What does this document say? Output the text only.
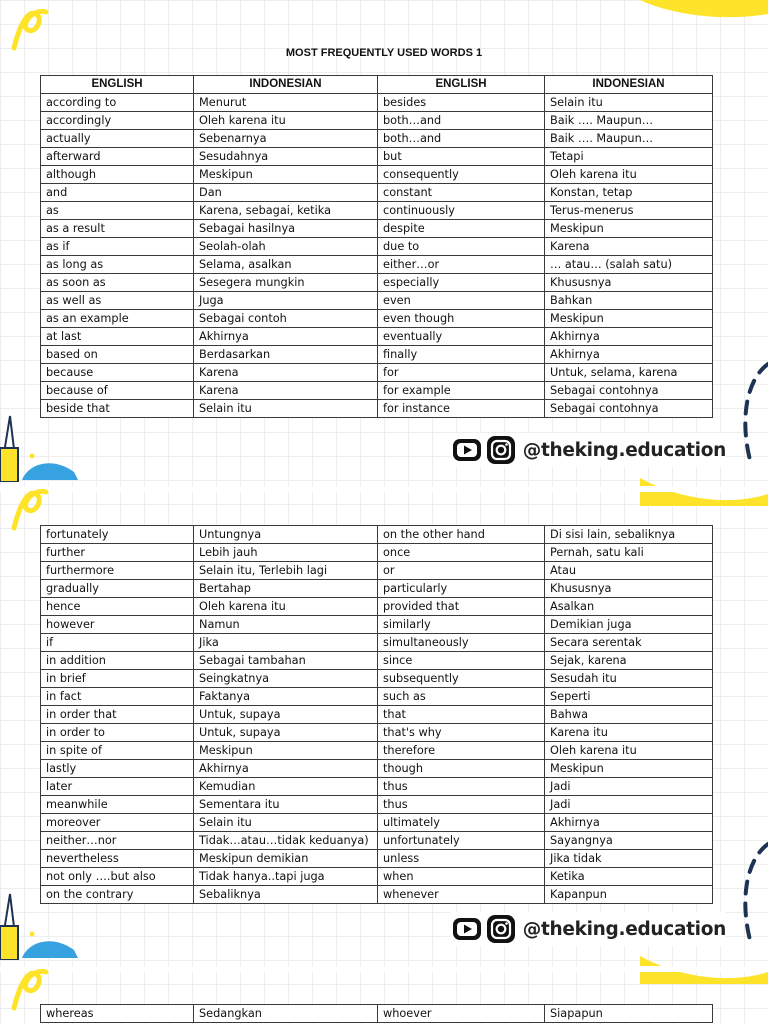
MOST FREQUENTLY USED WORDS 1
ENGLISH	INDONESIAN	ENGLISH	INDONESIAN
according to	Menurut	besides	Selain itu
accordingly	Oleh karena itu	both…and	Baik …. Maupun…
actually	Sebenarnya	both…and	Baik …. Maupun…
afterward	Sesudahnya	but	Tetapi
although	Meskipun	consequently	Oleh karena itu
and	Dan	constant	Konstan, tetap
as	Karena, sebagai, ketika	continuously	Terus-menerus
as a result	Sebagai hasilnya	despite	Meskipun
as if	Seolah-olah	due to	Karena
as long as	Selama, asalkan	either…or	… atau… (salah satu)
as soon as	Sesegera mungkin	especially	Khususnya
as well as	Juga	even	Bahkan
as an example	Sebagai contoh	even though	Meskipun
at last	Akhirnya	eventually	Akhirnya
based on	Berdasarkan	finally	Akhirnya
because	Karena	for	Untuk, selama, karena
because of	Karena	for example	Sebagai contohnya
beside that	Selain itu	for instance	Sebagai contohnya
@theking.education
fortunately	Untungnya	on the other hand	Di sisi lain, sebaliknya
further	Lebih jauh	once	Pernah, satu kali
furthermore	Selain itu, Terlebih lagi	or	Atau
gradually	Bertahap	particularly	Khususnya
hence	Oleh karena itu	provided that	Asalkan
however	Namun	similarly	Demikian juga
if	Jika	simultaneously	Secara serentak
in addition	Sebagai tambahan	since	Sejak, karena
in brief	Seingkatnya	subsequently	Sesudah itu
in fact	Faktanya	such as	Seperti
in order that	Untuk, supaya	that	Bahwa
in order to	Untuk, supaya	that's why	Karena itu
in spite of	Meskipun	therefore	Oleh karena itu
lastly	Akhirnya	though	Meskipun
later	Kemudian	thus	Jadi
meanwhile	Sementara itu	thus	Jadi
moreover	Selain itu	ultimately	Akhirnya
neither…nor	Tidak…atau…tidak keduanya)	unfortunately	Sayangnya
nevertheless	Meskipun demikian	unless	Jika tidak
not only ….but also	Tidak hanya..tapi juga	when	Ketika
on the contrary	Sebaliknya	whenever	Kapanpun
@theking.education
whereas	Sedangkan	whoever	Siapapun
